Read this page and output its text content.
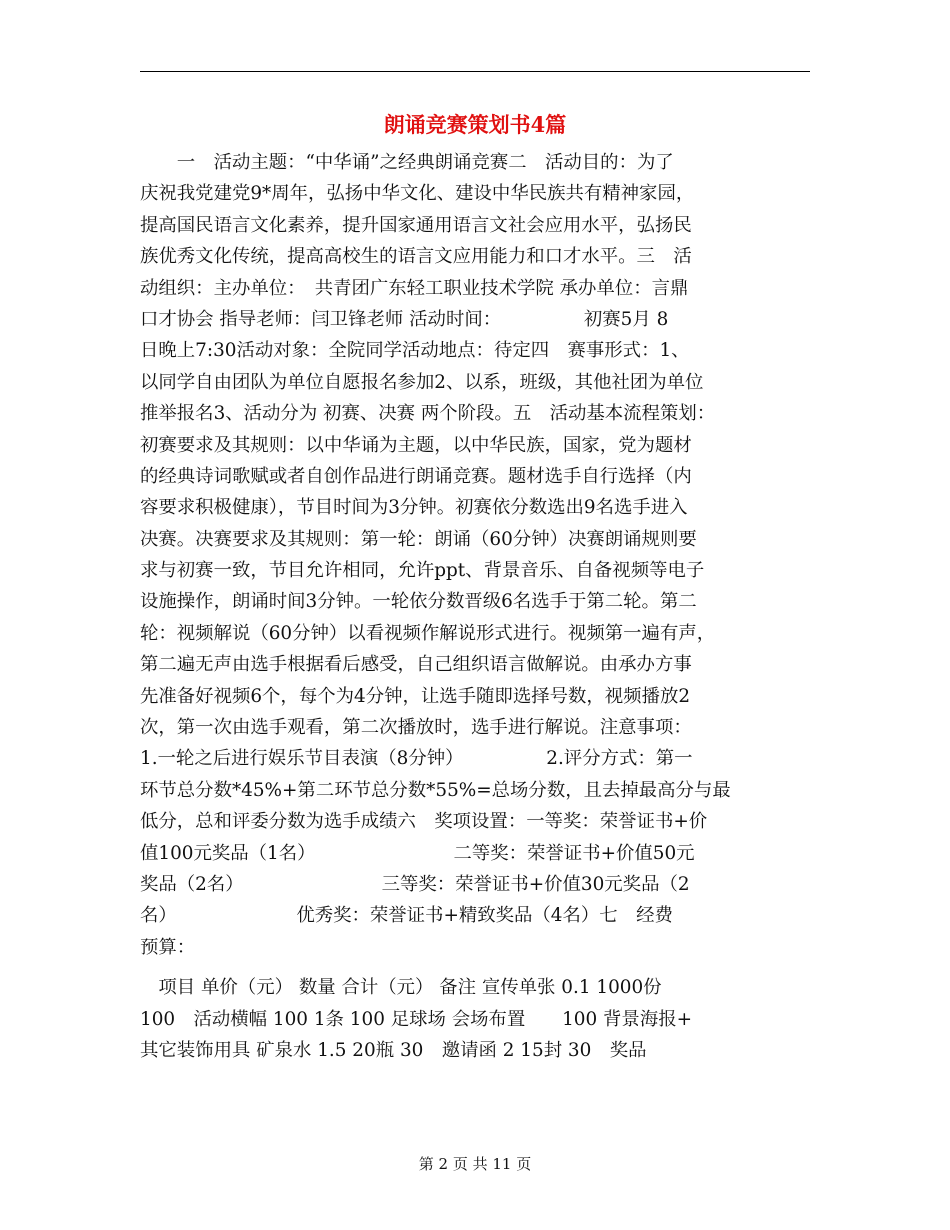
朗诵竞赛策划书4篇
　　一　活动主题：“中华诵”之经典朗诵竞赛二　活动目的：为了
庆祝我党建党9*周年，弘扬中华文化、建设中华民族共有精神家园，
提高国民语言文化素养，提升国家通用语言文社会应用水平，弘扬民
族优秀文化传统，提高高校生的语言文应用能力和口才水平。三　活
动组织：主办单位：　共青团广东轻工职业技术学院 承办单位：言鼎
口才协会 指导老师：闫卫锋老师 活动时间：　　　　　初赛5月 8
日晚上7:30活动对象：全院同学活动地点：待定四　赛事形式：1、
以同学自由团队为单位自愿报名参加2、以系，班级，其他社团为单位
推举报名3、活动分为 初赛、决赛 两个阶段。五　活动基本流程策划：
初赛要求及其规则：以中华诵为主题，以中华民族，国家，党为题材
的经典诗词歌赋或者自创作品进行朗诵竞赛。题材选手自行选择（内
容要求积极健康），节目时间为3分钟。初赛依分数选出9名选手进入
决赛。决赛要求及其规则：第一轮：朗诵（60分钟）决赛朗诵规则要
求与初赛一致，节目允许相同，允许ppt、背景音乐、自备视频等电子
设施操作，朗诵时间3分钟。一轮依分数晋级6名选手于第二轮。第二
轮：视频解说（60分钟）以看视频作解说形式进行。视频第一遍有声，
第二遍无声由选手根据看后感受，自己组织语言做解说。由承办方事
先准备好视频6个，每个为4分钟，让选手随即选择号数，视频播放2
次，第一次由选手观看，第二次播放时，选手进行解说。注意事项：
1.一轮之后进行娱乐节目表演（8分钟）　　　　　2.评分方式：第一
环节总分数*45%+第二环节总分数*55%=总场分数，且去掉最高分与最
低分，总和评委分数为选手成绩六　奖项设置：一等奖：荣誉证书+价
值100元奖品（1名）　　　　　　　　二等奖：荣誉证书+价值50元
奖品（2名）　　　　　　　　三等奖：荣誉证书+价值30元奖品（2
名）　　　　　　　优秀奖：荣誉证书+精致奖品（4名）七　经费
预算：
　项目 单价（元） 数量 合计（元） 备注 宣传单张 0.1 1000份
100　活动横幅 100 1条 100 足球场 会场布置　　100 背景海报+
其它装饰用具 矿泉水 1.5 20瓶 30　邀请函 2 15封 30　奖品
第 2 页 共 11 页
